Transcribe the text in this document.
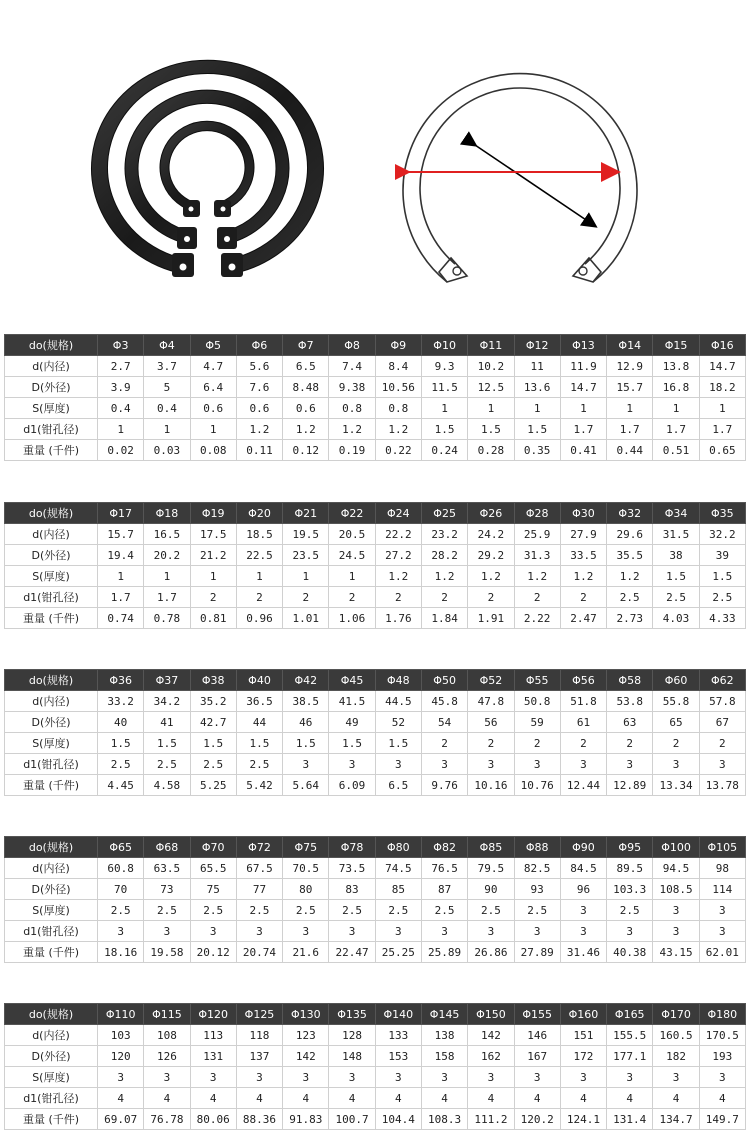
do(规格)	Φ3	Φ4	Φ5	Φ6	Φ7	Φ8	Φ9	Φ10	Φ11	Φ12	Φ13	Φ14	Φ15	Φ16
d(内径)	2.7	3.7	4.7	5.6	6.5	7.4	8.4	9.3	10.2	11	11.9	12.9	13.8	14.7
D(外径)	3.9	5	6.4	7.6	8.48	9.38	10.56	11.5	12.5	13.6	14.7	15.7	16.8	18.2
S(厚度)	0.4	0.4	0.6	0.6	0.6	0.8	0.8	1	1	1	1	1	1	1
d1(钳孔径)	1	1	1	1.2	1.2	1.2	1.2	1.5	1.5	1.5	1.7	1.7	1.7	1.7
重量 (千件)	0.02	0.03	0.08	0.11	0.12	0.19	0.22	0.24	0.28	0.35	0.41	0.44	0.51	0.65
do(规格)	Φ17	Φ18	Φ19	Φ20	Φ21	Φ22	Φ24	Φ25	Φ26	Φ28	Φ30	Φ32	Φ34	Φ35
d(内径)	15.7	16.5	17.5	18.5	19.5	20.5	22.2	23.2	24.2	25.9	27.9	29.6	31.5	32.2
D(外径)	19.4	20.2	21.2	22.5	23.5	24.5	27.2	28.2	29.2	31.3	33.5	35.5	38	39
S(厚度)	1	1	1	1	1	1	1.2	1.2	1.2	1.2	1.2	1.2	1.5	1.5
d1(钳孔径)	1.7	1.7	2	2	2	2	2	2	2	2	2	2.5	2.5	2.5
重量 (千件)	0.74	0.78	0.81	0.96	1.01	1.06	1.76	1.84	1.91	2.22	2.47	2.73	4.03	4.33
do(规格)	Φ36	Φ37	Φ38	Φ40	Φ42	Φ45	Φ48	Φ50	Φ52	Φ55	Φ56	Φ58	Φ60	Φ62
d(内径)	33.2	34.2	35.2	36.5	38.5	41.5	44.5	45.8	47.8	50.8	51.8	53.8	55.8	57.8
D(外径)	40	41	42.7	44	46	49	52	54	56	59	61	63	65	67
S(厚度)	1.5	1.5	1.5	1.5	1.5	1.5	1.5	2	2	2	2	2	2	2
d1(钳孔径)	2.5	2.5	2.5	2.5	3	3	3	3	3	3	3	3	3	3
重量 (千件)	4.45	4.58	5.25	5.42	5.64	6.09	6.5	9.76	10.16	10.76	12.44	12.89	13.34	13.78
do(规格)	Φ65	Φ68	Φ70	Φ72	Φ75	Φ78	Φ80	Φ82	Φ85	Φ88	Φ90	Φ95	Φ100	Φ105
d(内径)	60.8	63.5	65.5	67.5	70.5	73.5	74.5	76.5	79.5	82.5	84.5	89.5	94.5	98
D(外径)	70	73	75	77	80	83	85	87	90	93	96	103.3	108.5	114
S(厚度)	2.5	2.5	2.5	2.5	2.5	2.5	2.5	2.5	2.5	2.5	3	2.5	3	3
d1(钳孔径)	3	3	3	3	3	3	3	3	3	3	3	3	3	3
重量 (千件)	18.16	19.58	20.12	20.74	21.6	22.47	25.25	25.89	26.86	27.89	31.46	40.38	43.15	62.01
do(规格)	Φ110	Φ115	Φ120	Φ125	Φ130	Φ135	Φ140	Φ145	Φ150	Φ155	Φ160	Φ165	Φ170	Φ180
d(内径)	103	108	113	118	123	128	133	138	142	146	151	155.5	160.5	170.5
D(外径)	120	126	131	137	142	148	153	158	162	167	172	177.1	182	193
S(厚度)	3	3	3	3	3	3	3	3	3	3	3	3	3	3
d1(钳孔径)	4	4	4	4	4	4	4	4	4	4	4	4	4	4
重量 (千件)	69.07	76.78	80.06	88.36	91.83	100.7	104.4	108.3	111.2	120.2	124.1	131.4	134.7	149.7
